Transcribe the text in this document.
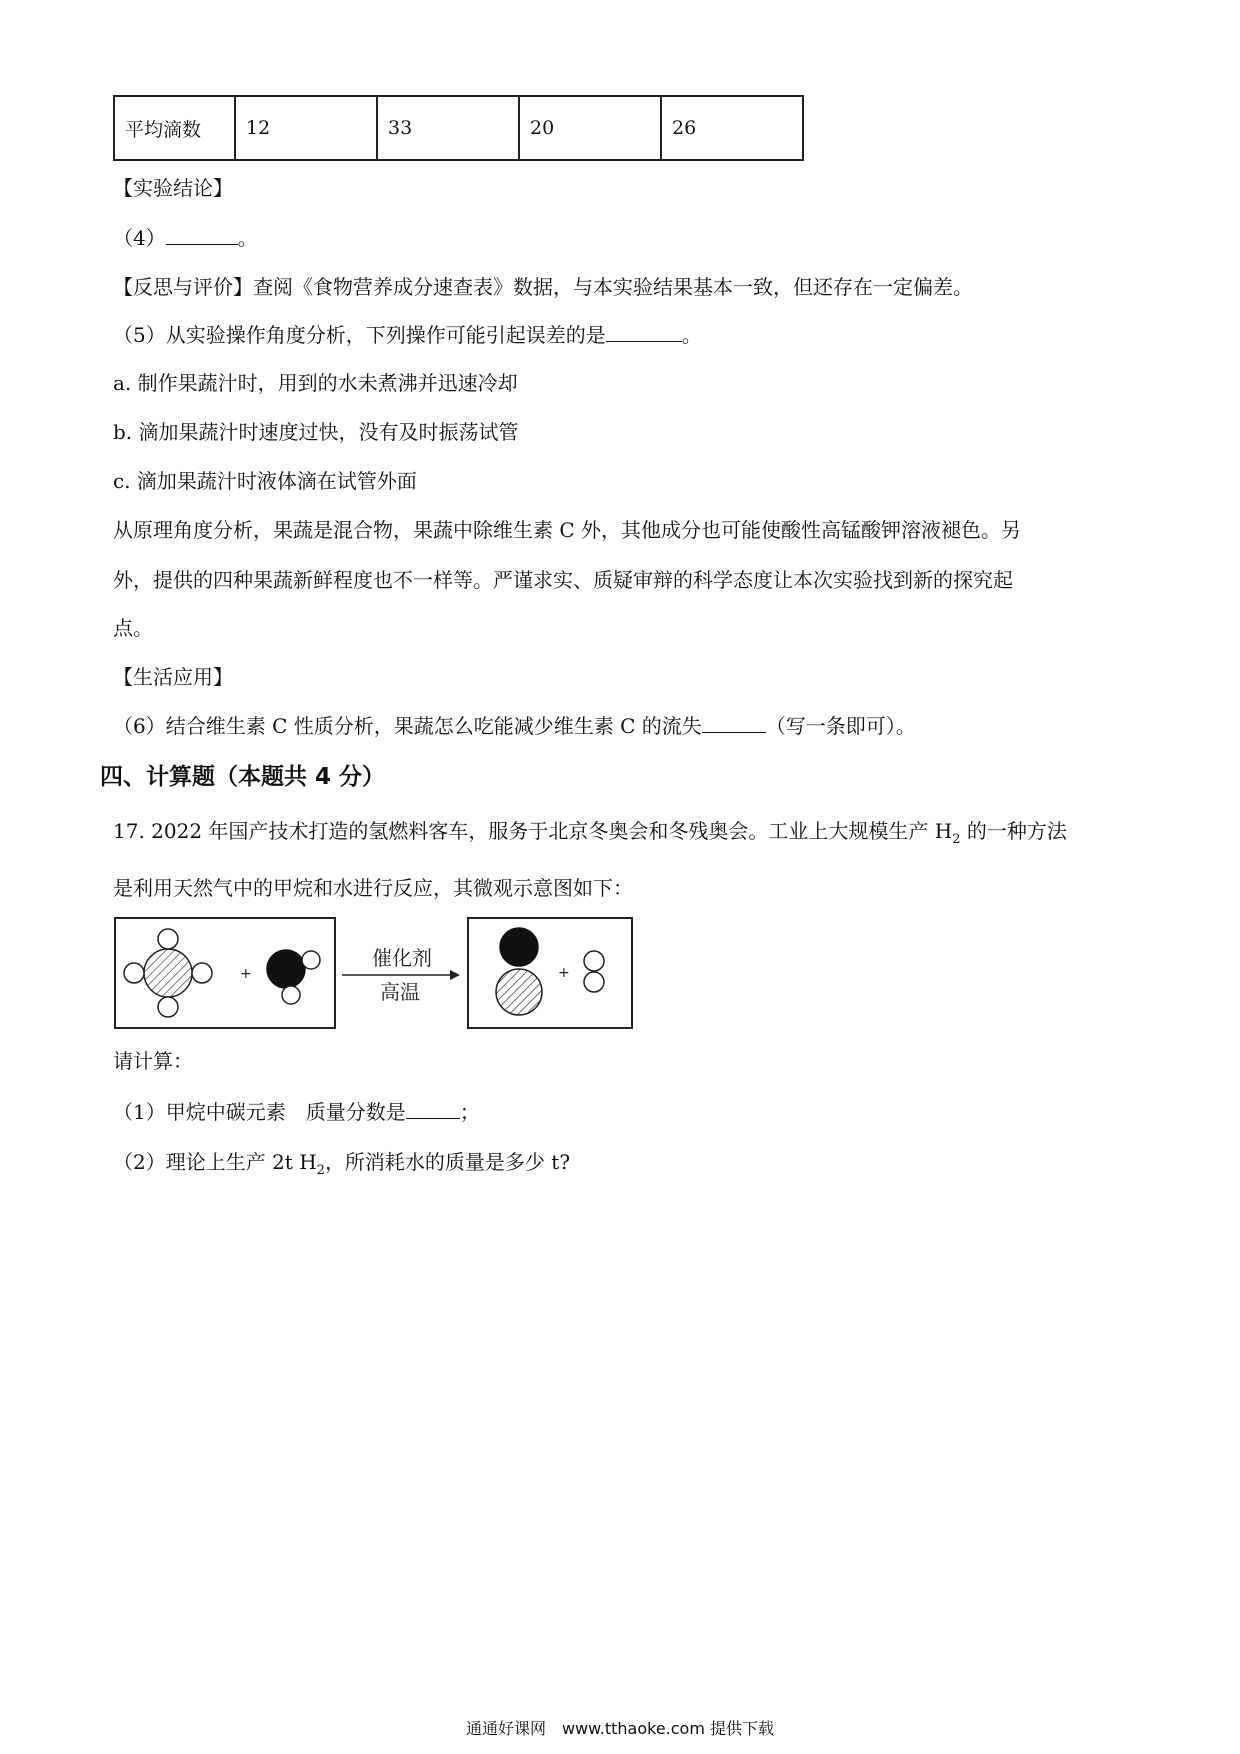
平均滴数	12	33	20	26
【实验结论】
（4）	。
【反思与评价】查阅《食物营养成分速查表》数据，与本实验结果基本一致，但还存在一定偏差。
（5）从实验操作角度分析，下列操作可能引起误差的是	。
a. 制作果蔬汁时，用到的水未煮沸并迅速冷却
b. 滴加果蔬汁时速度过快，没有及时振荡试管
c. 滴加果蔬汁时液体滴在试管外面
从原理角度分析，果蔬是混合物，果蔬中除维生素 C 外，其他成分也可能使酸性高锰酸钾溶液褪色。另
外，提供的四种果蔬新鲜程度也不一样等。严谨求实、质疑审辩的科学态度让本次实验找到新的探究起
点。
【生活应用】
（6）结合维生素 C 性质分析，果蔬怎么吃能减少维生素 C 的流失	（写一条即可）。
四、计算题（本题共 4 分）
17. 2022 年国产技术打造的氢燃料客车，服务于北京冬奥会和冬残奥会。工业上大规模生产 $H_2$ 的一种方法
是利用天然气中的甲烷和水进行反应，其微观示意图如下：
+
催化剂
高温
+
请计算：
（1）甲烷中碳元素　质量分数是	；
（2）理论上生产 2t $H_2$，所消耗水的质量是多少 t?
通通好课网　www.tthaoke.com 提供下载
